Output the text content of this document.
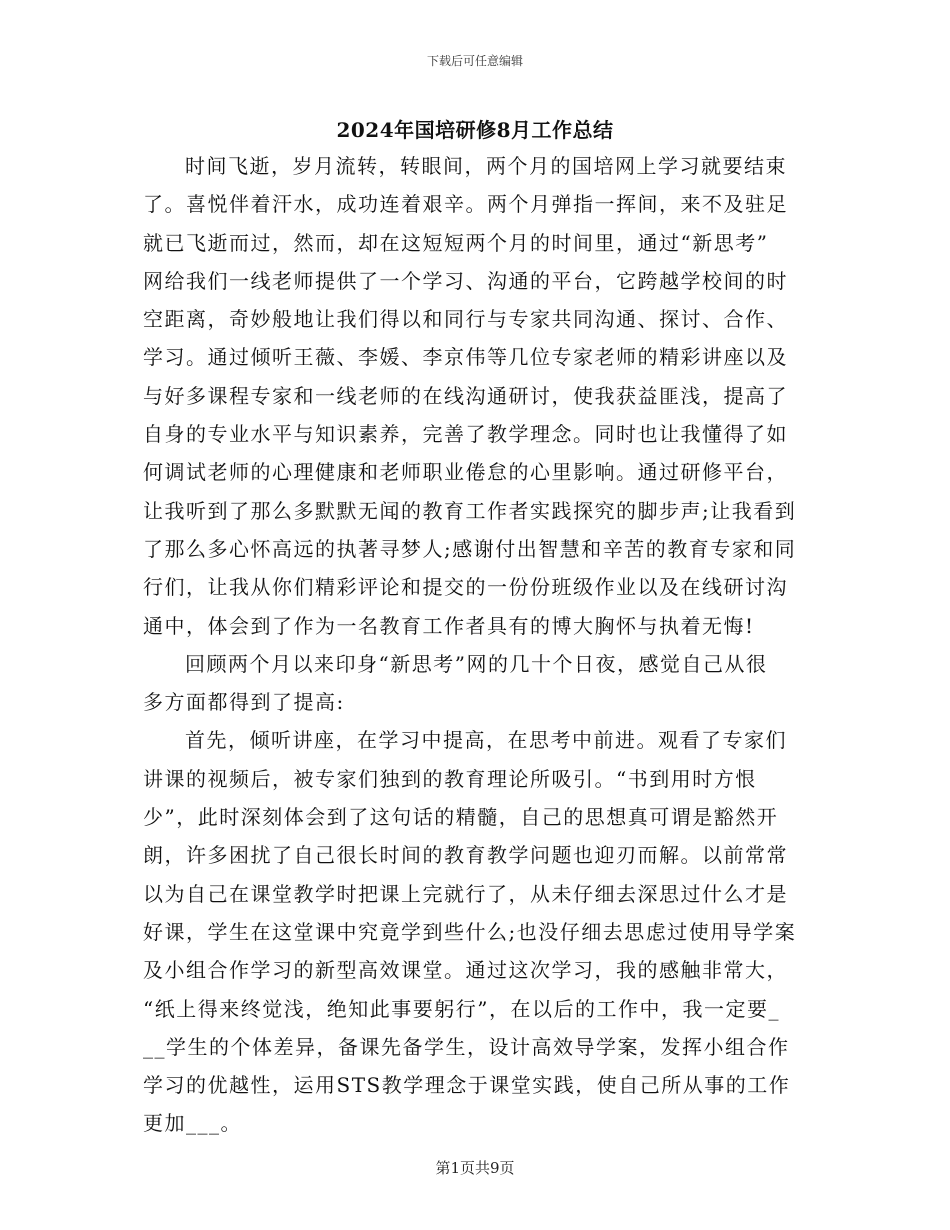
下载后可任意编辑
2024年国培研修8月工作总结
时间飞逝，岁月流转，转眼间，两个月的国培网上学习就要结束
了。喜悦伴着汗水，成功连着艰辛。两个月弹指一挥间，来不及驻足
就已飞逝而过，然而，却在这短短两个月的时间里，通过“新思考”
网给我们一线老师提供了一个学习、沟通的平台，它跨越学校间的时
空距离，奇妙般地让我们得以和同行与专家共同沟通、探讨、合作、
学习。通过倾听王薇、李媛、李京伟等几位专家老师的精彩讲座以及
与好多课程专家和一线老师的在线沟通研讨，使我获益匪浅，提高了
自身的专业水平与知识素养，完善了教学理念。同时也让我懂得了如
何调试老师的心理健康和老师职业倦怠的心里影响。通过研修平台，
让我听到了那么多默默无闻的教育工作者实践探究的脚步声;让我看到
了那么多心怀高远的执著寻梦人;感谢付出智慧和辛苦的教育专家和同
行们，让我从你们精彩评论和提交的一份份班级作业以及在线研讨沟
通中，体会到了作为一名教育工作者具有的博大胸怀与执着无悔!
回顾两个月以来印身“新思考”网的几十个日夜，感觉自己从很
多方面都得到了提高:
首先，倾听讲座，在学习中提高，在思考中前进。观看了专家们
讲课的视频后，被专家们独到的教育理论所吸引。“书到用时方恨
少”，此时深刻体会到了这句话的精髓，自己的思想真可谓是豁然开
朗，许多困扰了自己很长时间的教育教学问题也迎刃而解。以前常常
以为自己在课堂教学时把课上完就行了，从未仔细去深思过什么才是
好课，学生在这堂课中究竟学到些什么;也没仔细去思虑过使用导学案
及小组合作学习的新型高效课堂。通过这次学习，我的感触非常大，
“纸上得来终觉浅，绝知此事要躬行”，在以后的工作中，我一定要_
__学生的个体差异，备课先备学生，设计高效导学案，发挥小组合作
学习的优越性，运用STS教学理念于课堂实践，使自己所从事的工作
更加___。
第1页共9页
